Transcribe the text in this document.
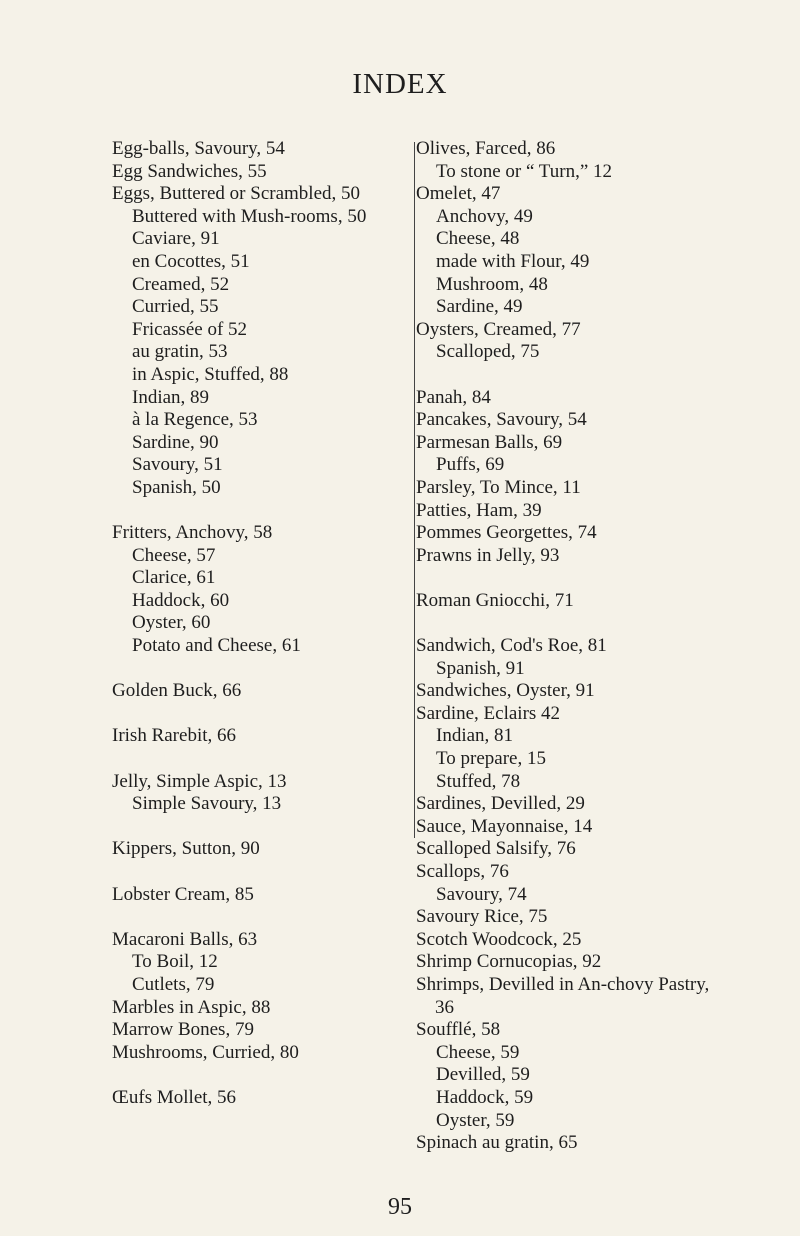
INDEX
Egg-balls, Savoury, 54
Egg Sandwiches, 55
Eggs, Buttered or Scrambled, 50
Buttered with Mush-rooms, 50
Caviare, 91
en Cocottes, 51
Creamed, 52
Curried, 55
Fricassée of 52
au gratin, 53
in Aspic, Stuffed, 88
Indian, 89
à la Regence, 53
Sardine, 90
Savoury, 51
Spanish, 50
Fritters, Anchovy, 58
Cheese, 57
Clarice, 61
Haddock, 60
Oyster, 60
Potato and Cheese, 61
Golden Buck, 66
Irish Rarebit, 66
Jelly, Simple Aspic, 13
Simple Savoury, 13
Kippers, Sutton, 90
Lobster Cream, 85
Macaroni Balls, 63
To Boil, 12
Cutlets, 79
Marbles in Aspic, 88
Marrow Bones, 79
Mushrooms, Curried, 80
Œufs Mollet, 56
Olives, Farced, 86
To stone or “ Turn,” 12
Omelet, 47
Anchovy, 49
Cheese, 48
made with Flour, 49
Mushroom, 48
Sardine, 49
Oysters, Creamed, 77
Scalloped, 75
Panah, 84
Pancakes, Savoury, 54
Parmesan Balls, 69
Puffs, 69
Parsley, To Mince, 11
Patties, Ham, 39
Pommes Georgettes, 74
Prawns in Jelly, 93
Roman Gniocchi, 71
Sandwich, Cod's Roe, 81
Spanish, 91
Sandwiches, Oyster, 91
Sardine, Eclairs 42
Indian, 81
To prepare, 15
Stuffed, 78
Sardines, Devilled, 29
Sauce, Mayonnaise, 14
Scalloped Salsify, 76
Scallops, 76
Savoury, 74
Savoury Rice, 75
Scotch Woodcock, 25
Shrimp Cornucopias, 92
Shrimps, Devilled in An-chovy Pastry, 36
Soufflé, 58
Cheese, 59
Devilled, 59
Haddock, 59
Oyster, 59
Spinach au gratin, 65
95
